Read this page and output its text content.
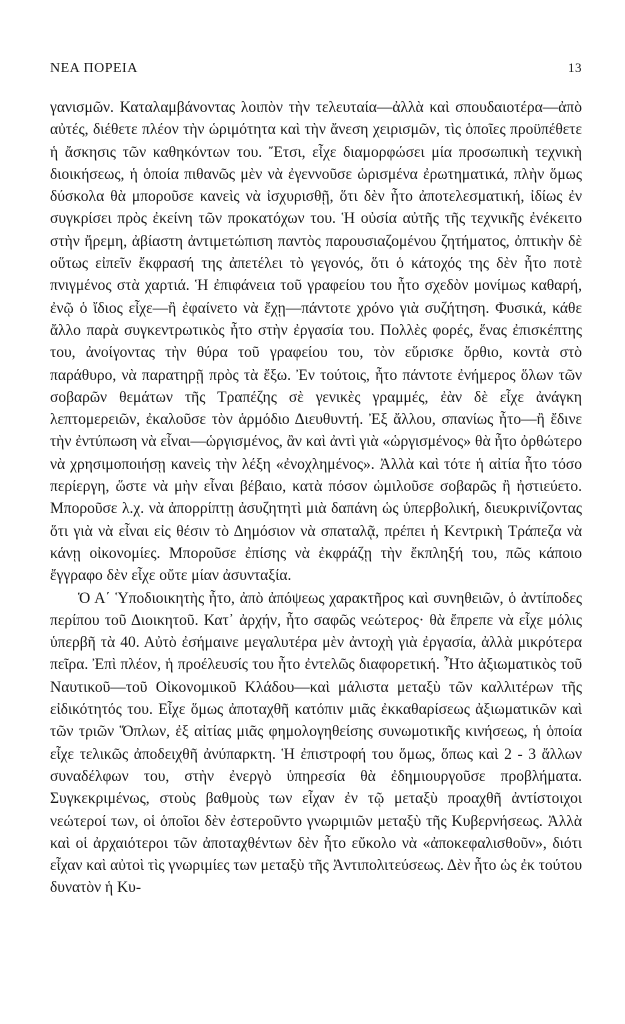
ΝΕΑ ΠΟΡΕΙΑ	13

γανισμῶν. Καταλαμβάνοντας λοιπὸν τὴν τελευταία—ἀλλὰ καὶ σπουδαιοτέρα—ἀπὸ αὐτές, διέθετε πλέον τὴν ὡριμότητα καὶ τὴν ἄνεση χειρισμῶν, τὶς ὁποῖες προϋπέθετε ἡ ἄσκησις τῶν καθηκόντων του. Ἔτσι, εἶχε διαμορφώσει μία προσωπικὴ τεχνικὴ διοικήσεως, ἡ ὁποία πιθανῶς μὲν νὰ ἐγεννοῦσε ὡρισμένα ἐρωτηματικά, πλὴν ὅμως δύσκολα θὰ μποροῦσε κανεὶς νὰ ἰσχυρισθῇ, ὅτι δὲν ἦτο ἀποτελεσματική, ἰδίως ἐν συγκρίσει πρὸς ἐκείνη τῶν προκατόχων του. Ἡ οὐσία αὐτῆς τῆς τεχνικῆς ἐνέκειτο στὴν ἤρεμη, ἀβίαστη ἀντιμετώπιση παντὸς παρουσιαζομένου ζητήματος, ὀπτικὴν δὲ οὕτως εἰπεῖν ἔκφρασή της ἀπετέλει τὸ γεγονός, ὅτι ὁ κάτοχός της δὲν ἦτο ποτὲ πνιγμένος στὰ χαρτιά. Ἡ ἐπιφάνεια τοῦ γραφείου του ἦτο σχεδὸν μονίμως καθαρή, ἐνῷ ὁ ἴδιος εἶχε—ἢ ἐφαίνετο νὰ ἔχῃ—πάντοτε χρόνο γιὰ συζήτηση. Φυσικά, κάθε ἄλλο παρὰ συγκεντρωτικὸς ἦτο στὴν ἐργασία του. Πολλὲς φορές, ἕνας ἐπισκέπτης του, ἀνοίγοντας τὴν θύρα τοῦ γραφείου του, τὸν εὕρισκε ὄρθιο, κοντὰ στὸ παράθυρο, νὰ παρατηρῇ πρὸς τὰ ἔξω. Ἐν τούτοις, ἦτο πάντοτε ἐνήμερος ὅλων τῶν σοβαρῶν θεμάτων τῆς Τραπέζης σὲ γενικὲς γραμμές, ἐὰν δὲ εἶχε ἀνάγκη λεπτομερειῶν, ἐκαλοῦσε τὸν ἁρμόδιο Διευθυντή. Ἐξ ἄλλου, σπανίως ἦτο—ἢ ἔδινε τὴν ἐντύπωση νὰ εἶναι—ὡργισμένος, ἂν καὶ ἀντὶ γιὰ «ὡργισμένος» θὰ ἦτο ὀρθώτερο νὰ χρησιμοποιήσῃ κανεὶς τὴν λέξη «ἐνοχλημένος». Ἀλλὰ καὶ τότε ἡ αἰτία ἦτο τόσο περίεργη, ὥστε νὰ μὴν εἶναι βέβαιο, κατὰ πόσον ὡμιλοῦσε σοβαρῶς ἢ ἠστιεύετο. Μποροῦσε λ.χ. νὰ ἀπορρίπτῃ ἀσυζητητὶ μιὰ δαπάνη ὡς ὑπερβολική, διευκρινίζοντας ὅτι γιὰ νὰ εἶναι εἰς θέσιν τὸ Δημόσιον νὰ σπαταλᾷ, πρέπει ἡ Κεντρικὴ Τράπεζα νὰ κάνῃ οἰκονομίες. Μποροῦσε ἐπίσης νὰ ἐκφράζῃ τὴν ἔκπληξή του, πῶς κάποιο ἔγγραφο δὲν εἶχε οὔτε μίαν ἀσυνταξία.

Ὁ Α΄ Ὑποδιοικητὴς ἦτο, ἀπὸ ἀπόψεως χαρακτῆρος καὶ συνηθειῶν, ὁ ἀντίποδες περίπου τοῦ Διοικητοῦ. Κατ᾿ ἀρχήν, ἦτο σαφῶς νεώτερος· θὰ ἔπρεπε νὰ εἶχε μόλις ὑπερβῆ τὰ 40. Αὐτὸ ἐσήμαινε μεγαλυτέρα μὲν ἀντοχὴ γιὰ ἐργασία, ἀλλὰ μικρότερα πεῖρα. Ἐπὶ πλέον, ἡ προέλευσίς του ἦτο ἐντελῶς διαφορετική. Ἦτο ἀξιωματικὸς τοῦ Ναυτικοῦ—τοῦ Οἰκονομικοῦ Κλάδου—καὶ μάλιστα μεταξὺ τῶν καλλιτέρων τῆς εἰδικότητός του. Εἶχε ὅμως ἀποταχθῆ κατόπιν μιᾶς ἐκκαθαρίσεως ἀξιωματικῶν καὶ τῶν τριῶν Ὅπλων, ἐξ αἰτίας μιᾶς φημολογηθείσης συνωμοτικῆς κινήσεως, ἡ ὁποία εἶχε τελικῶς ἀποδειχθῆ ἀνύπαρκτη. Ἡ ἐπιστροφή του ὅμως, ὅπως καὶ 2 - 3 ἄλλων συναδέλφων του, στὴν ἐνεργὸ ὑπηρεσία θὰ ἐδημιουργοῦσε προβλήματα. Συγκεκριμένως, στοὺς βαθμοὺς των εἶχαν ἐν τῷ μεταξὺ προαχθῆ ἀντίστοιχοι νεώτεροί των, οἱ ὁποῖοι δὲν ἐστεροῦντο γνωριμιῶν μεταξὺ τῆς Κυβερνήσεως. Ἀλλὰ καὶ οἱ ἀρχαιότεροι τῶν ἀποταχθέντων δὲν ἦτο εὔκολο νὰ «ἀποκεφαλισθοῦν», διότι εἶχαν καὶ αὐτοὶ τὶς γνωριμίες των μεταξὺ τῆς Ἀντιπολιτεύσεως. Δὲν ἦτο ὡς ἐκ τούτου δυνατὸν ἡ Κυ-
